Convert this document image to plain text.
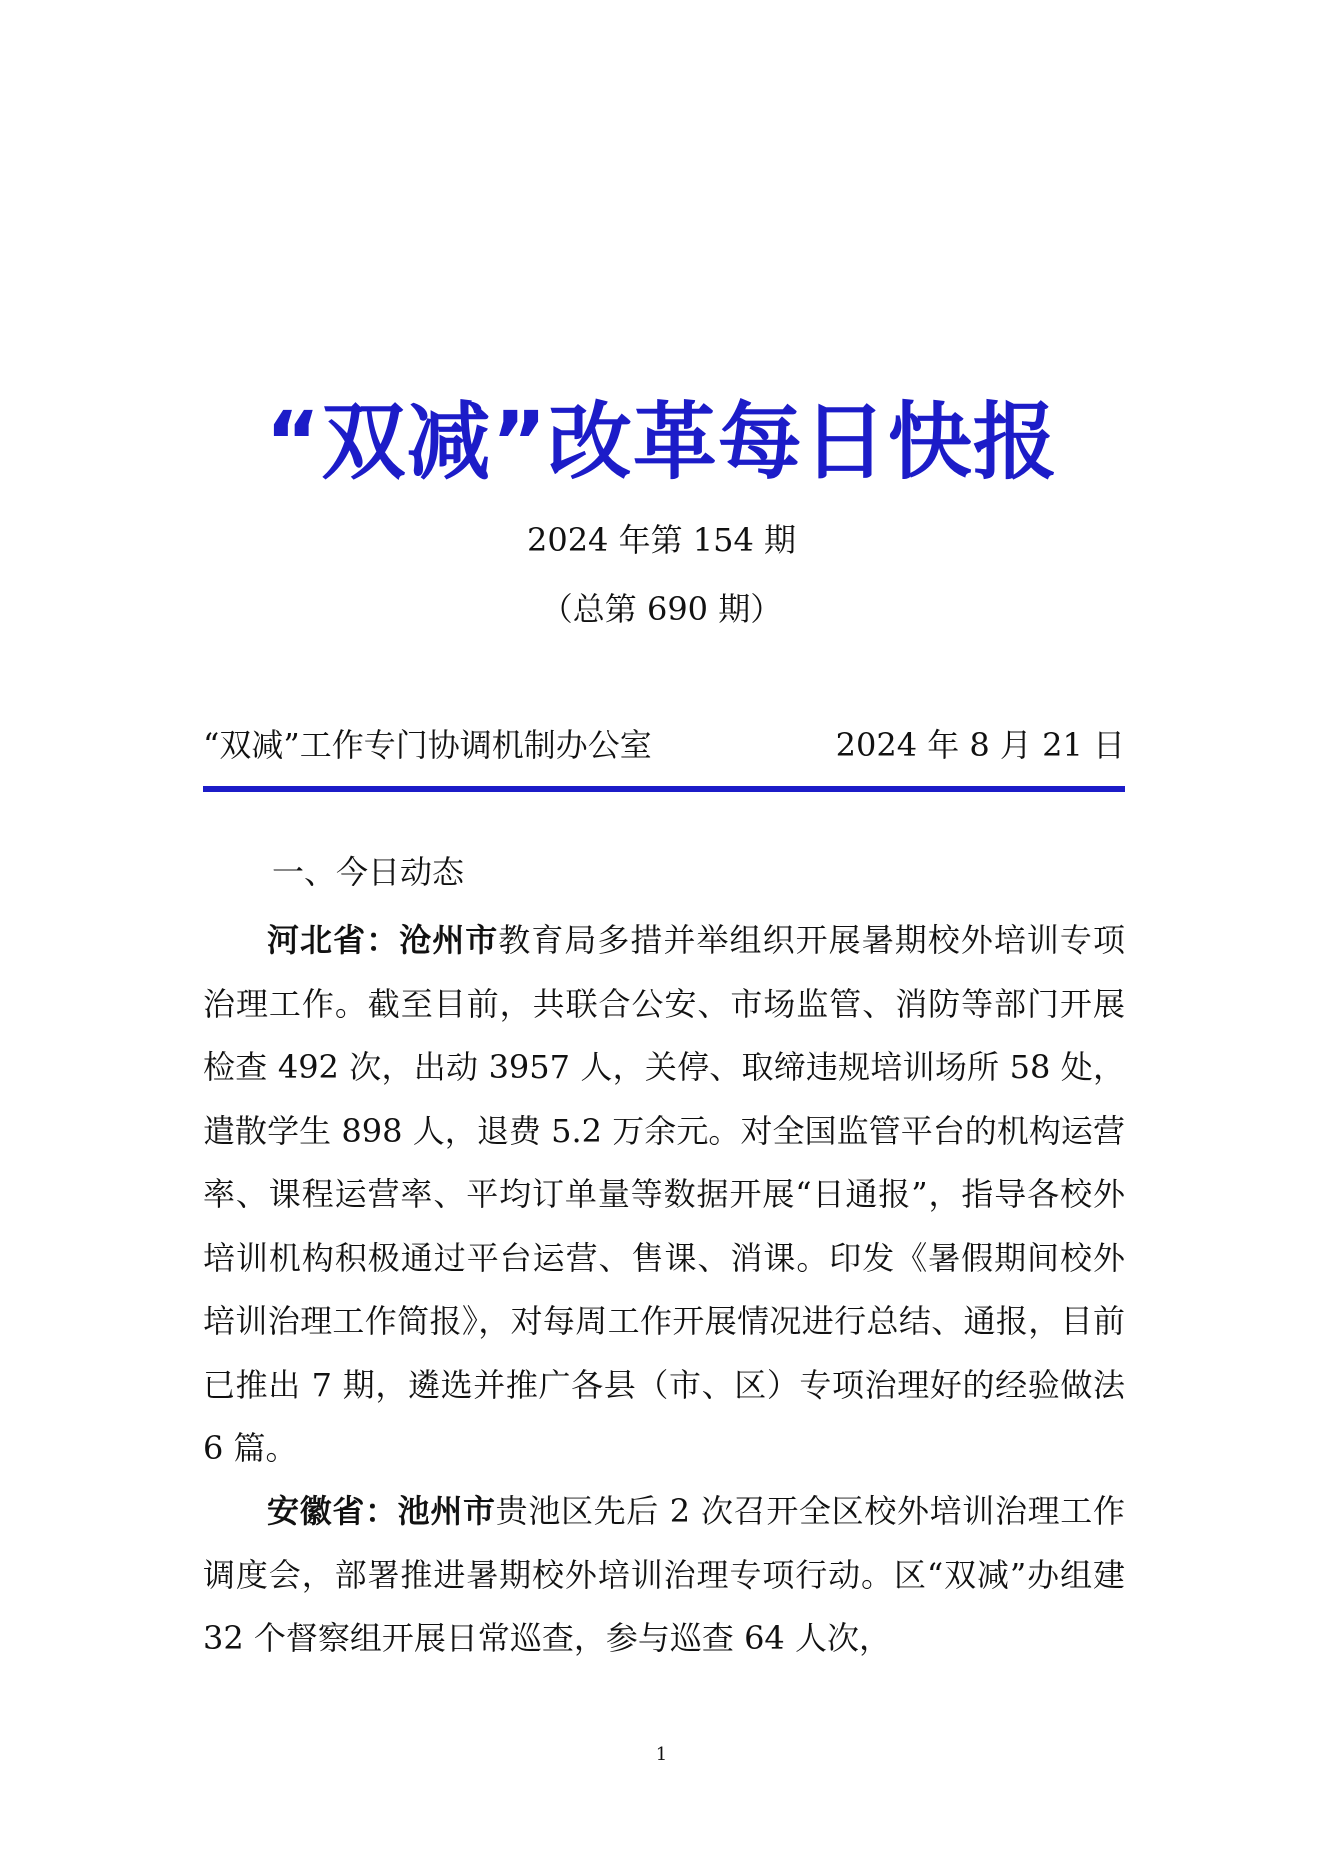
“双减”改革每日快报
2024 年第 154 期
（总第 690 期）
“双减”工作专门协调机制办公室	2024 年 8 月 21 日
一、今日动态

河北省：沧州市教育局多措并举组织开展暑期校外培训专项治理工作。截至目前，共联合公安、市场监管、消防等部门开展检查 492 次，出动 3957 人，关停、取缔违规培训场所 58 处，遣散学生 898 人，退费 5.2 万余元。对全国监管平台的机构运营率、课程运营率、平均订单量等数据开展“日通报”，指导各校外培训机构积极通过平台运营、售课、消课。印发《暑假期间校外培训治理工作简报》，对每周工作开展情况进行总结、通报，目前已推出 7 期，遴选并推广各县（市、区）专项治理好的经验做法 6 篇。

安徽省：池州市贵池区先后 2 次召开全区校外培训治理工作调度会，部署推进暑期校外培训治理专项行动。区“双减”办组建 32 个督察组开展日常巡查，参与巡查 64 人次，

1
